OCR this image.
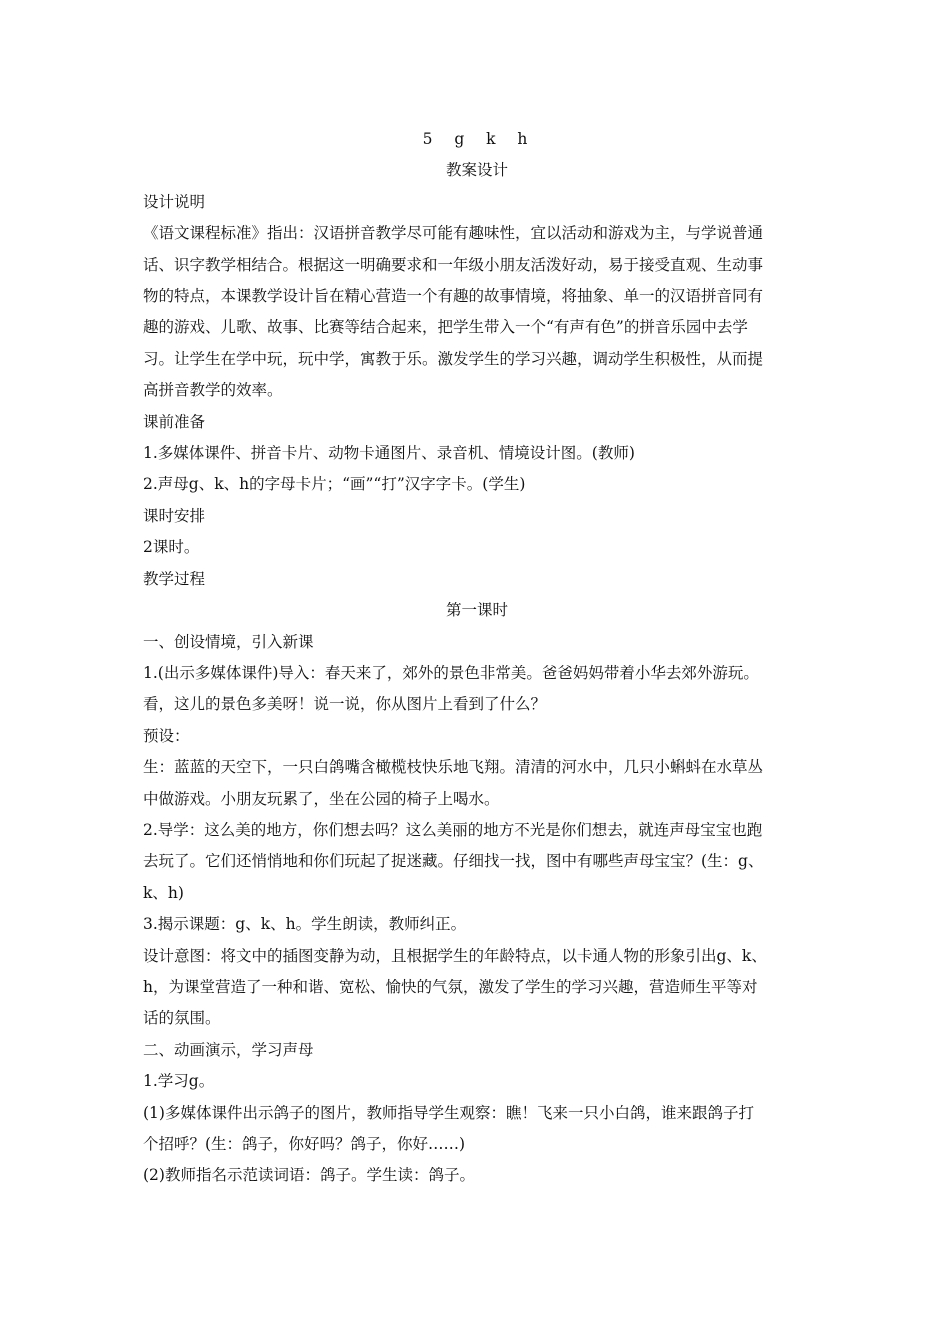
5  g  k  h
教案设计
设计说明
《语文课程标准》指出：汉语拼音教学尽可能有趣味性，宜以活动和游戏为主，与学说普通
话、识字教学相结合。根据这一明确要求和一年级小朋友活泼好动，易于接受直观、生动事
物的特点，本课教学设计旨在精心营造一个有趣的故事情境，将抽象、单一的汉语拼音同有
趣的游戏、儿歌、故事、比赛等结合起来，把学生带入一个“有声有色”的拼音乐园中去学
习。让学生在学中玩，玩中学，寓教于乐。激发学生的学习兴趣，调动学生积极性，从而提
高拼音教学的效率。
课前准备
1.多媒体课件、拼音卡片、动物卡通图片、录音机、情境设计图。(教师)
2.声母g、k、h的字母卡片；“画”“打”汉字字卡。(学生)
课时安排
2课时。
教学过程
第一课时
一、创设情境，引入新课
1.(出示多媒体课件)导入：春天来了，郊外的景色非常美。爸爸妈妈带着小华去郊外游玩。
看，这儿的景色多美呀！说一说，你从图片上看到了什么？
预设：
生：蓝蓝的天空下，一只白鸽嘴含橄榄枝快乐地飞翔。清清的河水中，几只小蝌蚪在水草丛
中做游戏。小朋友玩累了，坐在公园的椅子上喝水。
2.导学：这么美的地方，你们想去吗？这么美丽的地方不光是你们想去，就连声母宝宝也跑
去玩了。它们还悄悄地和你们玩起了捉迷藏。仔细找一找，图中有哪些声母宝宝？(生：g、
k、h)
3.揭示课题：g、k、h。学生朗读，教师纠正。
设计意图：将文中的插图变静为动，且根据学生的年龄特点，以卡通人物的形象引出g、k、
h，为课堂营造了一种和谐、宽松、愉快的气氛，激发了学生的学习兴趣，营造师生平等对
话的氛围。
二、动画演示，学习声母
1.学习g。
(1)多媒体课件出示鸽子的图片，教师指导学生观察：瞧！飞来一只小白鸽，谁来跟鸽子打
个招呼？(生：鸽子，你好吗？鸽子，你好……)
(2)教师指名示范读词语：鸽子。学生读：鸽子。
